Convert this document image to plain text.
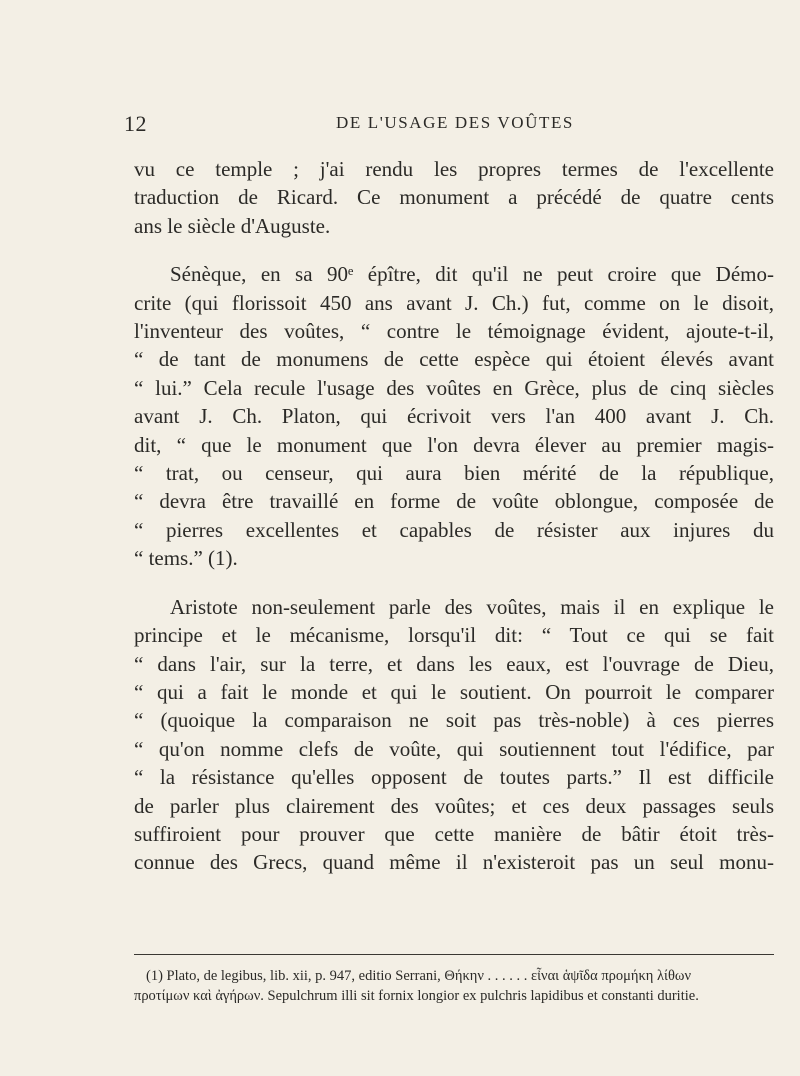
12	DE L'USAGE DES VOÛTES

vu ce temple ; j'ai rendu les propres termes de l'excellente
traduction de Ricard. Ce monument a précédé de quatre cents
ans le siècle d'Auguste.

Sénèque, en sa 90ᵉ épître, dit qu'il ne peut croire que Démo-
crite (qui florissoit 450 ans avant J. Ch.) fut, comme on le disoit,
l'inventeur des voûtes, “ contre le témoignage évident, ajoute-t-il,
“ de tant de monumens de cette espèce qui étoient élevés avant
“ lui.” Cela recule l'usage des voûtes en Grèce, plus de cinq siècles
avant J. Ch. Platon, qui écrivoit vers l'an 400 avant J. Ch.
dit, “ que le monument que l'on devra élever au premier magis-
“ trat, ou censeur, qui aura bien mérité de la république,
“ devra être travaillé en forme de voûte oblongue, composée de
“ pierres excellentes et capables de résister aux injures du
“ tems.” (1).

Aristote non-seulement parle des voûtes, mais il en explique le
principe et le mécanisme, lorsqu'il dit: “ Tout ce qui se fait
“ dans l'air, sur la terre, et dans les eaux, est l'ouvrage de Dieu,
“ qui a fait le monde et qui le soutient. On pourroit le comparer
“ (quoique la comparaison ne soit pas très-noble) à ces pierres
“ qu'on nomme clefs de voûte, qui soutiennent tout l'édifice, par
“ la résistance qu'elles opposent de toutes parts.” Il est difficile
de parler plus clairement des voûtes; et ces deux passages seuls
suffiroient pour prouver que cette manière de bâtir étoit très-
connue des Grecs, quand même il n'existeroit pas un seul monu-

(1) Plato, de legibus, lib. xii, p. 947, editio Serrani, Θήκην . . . . . . εἶναι ἁψῖδα προμήκη λίθων
προτίμων καὶ ἀγήρων. Sepulchrum illi sit fornix longior ex pulchris lapidibus et constanti duritie.
